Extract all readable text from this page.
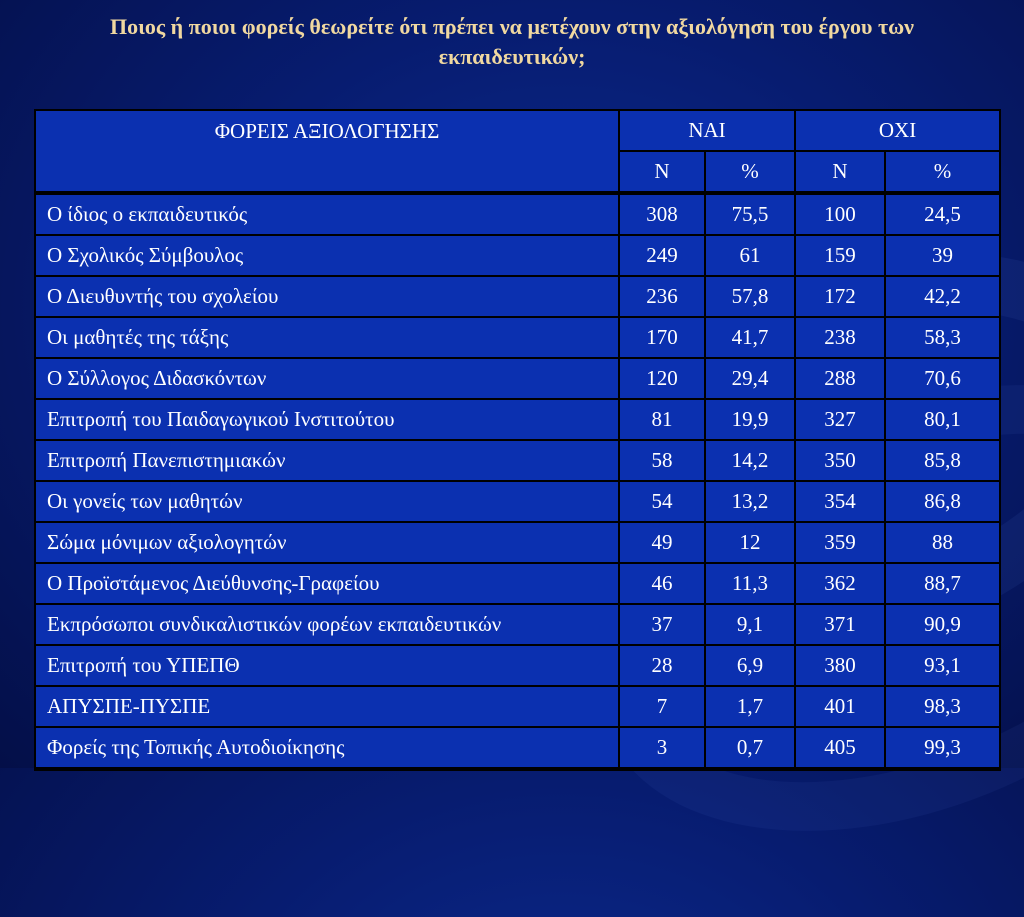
Ποιος ή ποιοι φορείς θεωρείτε ότι πρέπει να μετέχουν στην αξιολόγηση του έργου των εκπαιδευτικών;
ΦΟΡΕΙΣ ΑΞΙΟΛΟΓΗΣΗΣ	ΝΑΙ		ΟΧΙ	
	Ν	%	Ν	%
Ο ίδιος ο εκπαιδευτικός	308	75,5	100	24,5
Ο Σχολικός Σύμβουλος	249	61	159	39
Ο Διευθυντής του σχολείου	236	57,8	172	42,2
Οι μαθητές της τάξης	170	41,7	238	58,3
Ο Σύλλογος Διδασκόντων	120	29,4	288	70,6
Επιτροπή του Παιδαγωγικού Ινστιτούτου	81	19,9	327	80,1
Επιτροπή Πανεπιστημιακών	58	14,2	350	85,8
Οι γονείς των μαθητών	54	13,2	354	86,8
Σώμα μόνιμων αξιολογητών	49	12	359	88
Ο Προϊστάμενος Διεύθυνσης-Γραφείου	46	11,3	362	88,7
Εκπρόσωποι συνδικαλιστικών φορέων εκπαιδευτικών	37	9,1	371	90,9
Επιτροπή του ΥΠΕΠΘ	28	6,9	380	93,1
ΑΠΥΣΠΕ-ΠΥΣΠΕ	7	1,7	401	98,3
Φορείς της Τοπικής Αυτοδιοίκησης	3	0,7	405	99,3
